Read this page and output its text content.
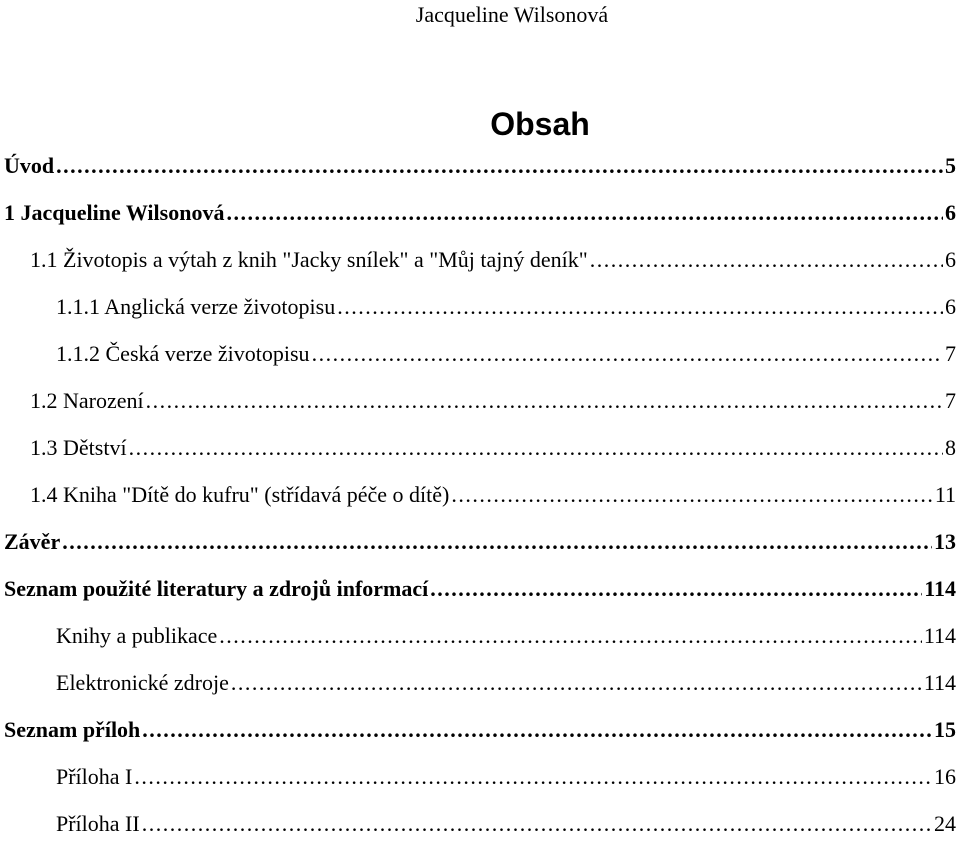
Jacqueline Wilsonová
Obsah
Úvod . . .	5
1 Jacqueline Wilsonová . . .	6
1.1 Životopis a výtah z knih "Jacky snílek" a "Můj tajný deník" . . .	6
1.1.1 Anglická verze životopisu . . .	6
1.1.2 Česká verze životopisu . . .	7
1.2 Narození . . .	7
1.3 Dětství . . .	8
1.4 Kniha "Dítě do kufru" (střídavá péče o dítě) . . .	11
Závěr . . .	13
Seznam použité literatury a zdrojů informací . . .	114
Knihy a publikace . . .	114
Elektronické zdroje . . .	114
Seznam příloh . . .	15
Příloha I . . .	16
Příloha II . . .	24
